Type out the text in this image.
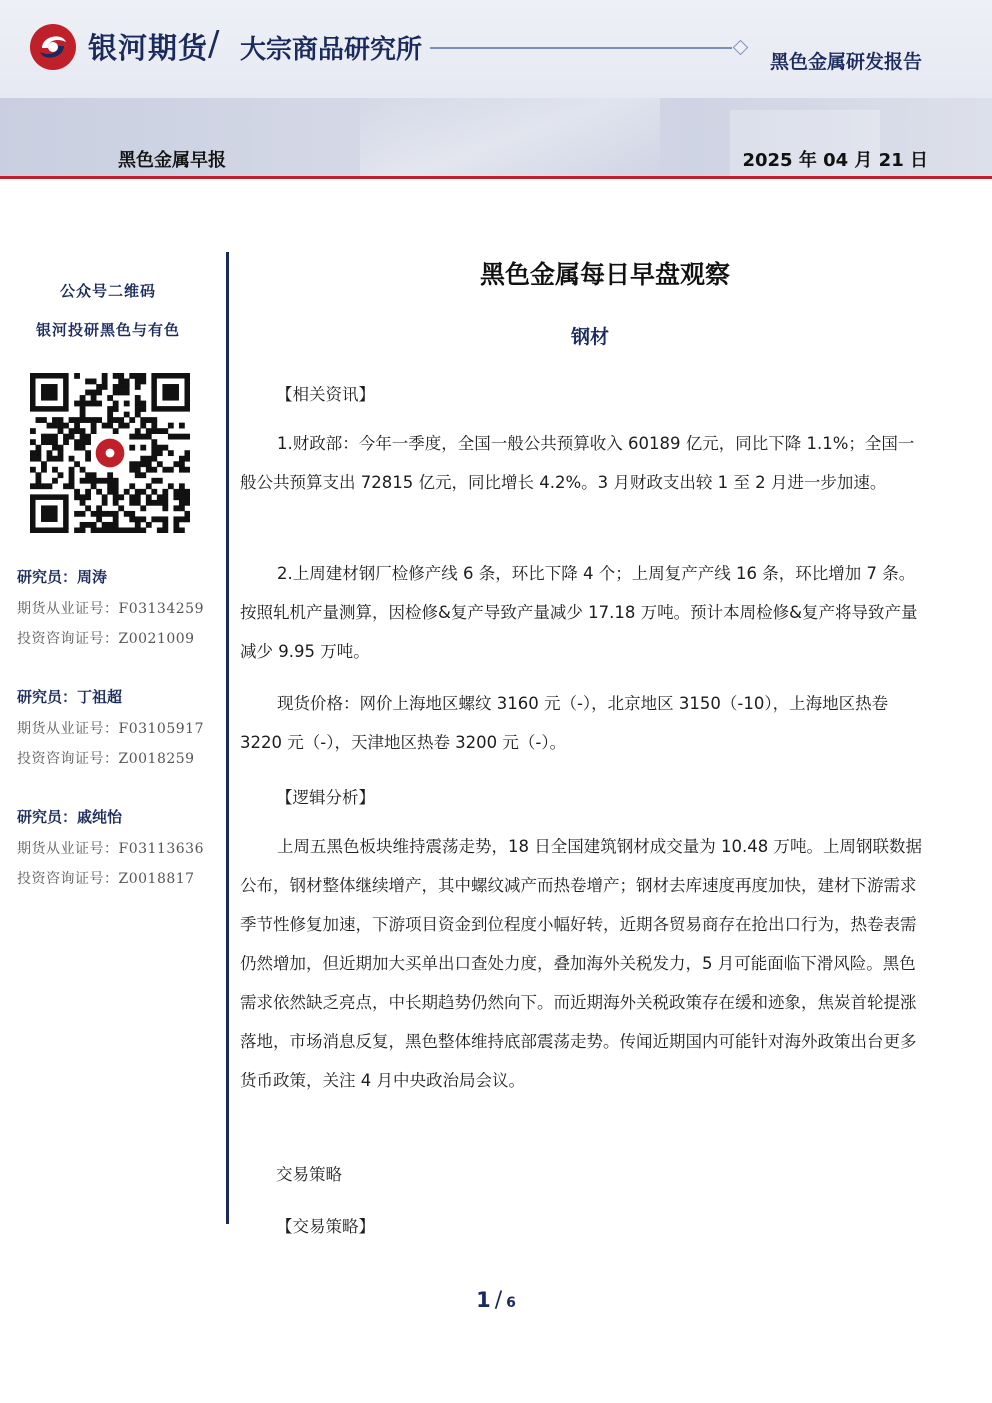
银河期货 / 大宗商品研究所	黑色金属研发报告
黑色金属早报	2025 年 04 月 21 日
公众号二维码
银河投研黑色与有色
研究员：周涛
期货从业证号：F03134259
投资咨询证号：Z0021009
研究员：丁祖超
期货从业证号：F03105917
投资咨询证号：Z0018259
研究员：戚纯怡
期货从业证号：F03113636
投资咨询证号：Z0018817
黑色金属每日早盘观察
钢材
【相关资讯】
1.财政部：今年一季度，全国一般公共预算收入 60189 亿元，同比下降 1.1%；全国一般公共预算支出 72815 亿元，同比增长 4.2%。3 月财政支出较 1 至 2 月进一步加速。
2.上周建材钢厂检修产线 6 条，环比下降 4 个；上周复产产线 16 条，环比增加 7 条。按照轧机产量测算，因检修&复产导致产量减少 17.18 万吨。预计本周检修&复产将导致产量减少 9.95 万吨。
现货价格：网价上海地区螺纹 3160 元（-），北京地区 3150（-10），上海地区热卷 3220 元（-），天津地区热卷 3200 元（-）。
【逻辑分析】
上周五黑色板块维持震荡走势，18 日全国建筑钢材成交量为 10.48 万吨。上周钢联数据公布，钢材整体继续增产，其中螺纹减产而热卷增产；钢材去库速度再度加快，建材下游需求季节性修复加速，下游项目资金到位程度小幅好转，近期各贸易商存在抢出口行为，热卷表需仍然增加，但近期加大买单出口查处力度，叠加海外关税发力，5 月可能面临下滑风险。黑色需求依然缺乏亮点，中长期趋势仍然向下。而近期海外关税政策存在缓和迹象，焦炭首轮提涨落地，市场消息反复，黑色整体维持底部震荡走势。传闻近期国内可能针对海外政策出台更多货币政策，关注 4 月中央政治局会议。
交易策略
【交易策略】
1 / 6
